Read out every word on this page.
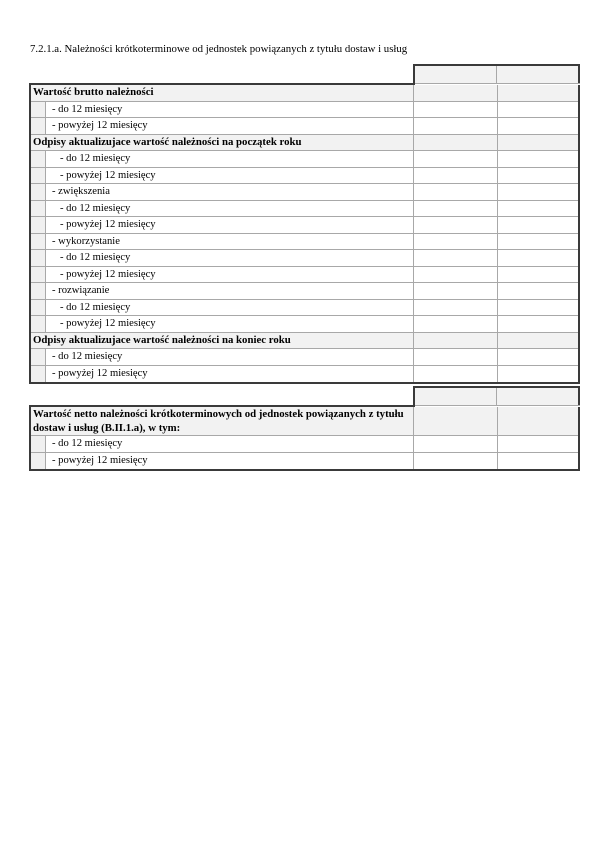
7.2.1.a. Należności krótkoterminowe od jednostek powiązanych z tytułu dostaw i usług
Wartość brutto należności
- do 12 miesięcy
- powyżej 12 miesięcy
Odpisy aktualizujace wartość należności na początek roku
- do 12 miesięcy
- powyżej 12 miesięcy
- zwiększenia
- do 12 miesięcy
- powyżej 12 miesięcy
- wykorzystanie
- do 12 miesięcy
- powyżej 12 miesięcy
- rozwiązanie
- do 12 miesięcy
- powyżej 12 miesięcy
Odpisy aktualizujace wartość należności na koniec roku
- do 12 miesięcy
- powyżej 12 miesięcy
Wartość netto należności krótkoterminowych od jednostek powiązanych z tytułu dostaw i usług (B.II.1.a), w tym:
- do 12 miesięcy
- powyżej 12 miesięcy
